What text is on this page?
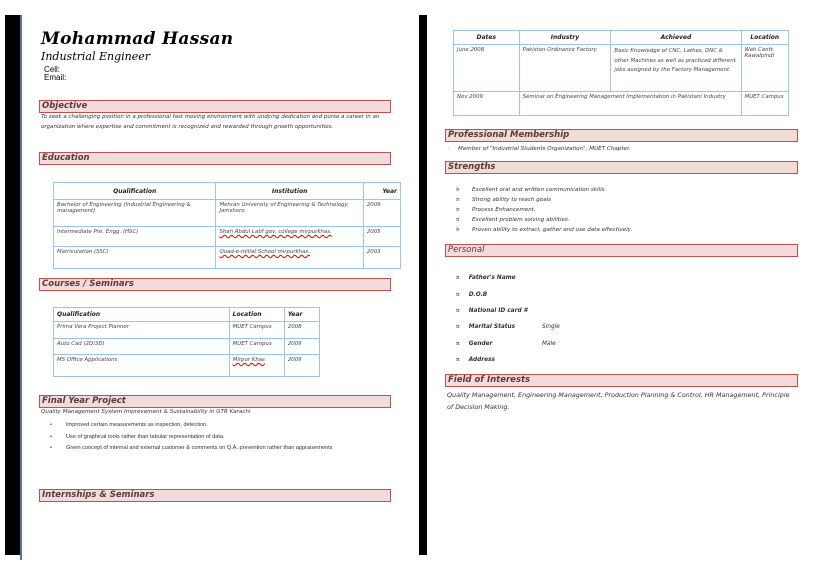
Mohammad Hassan
Industrial Engineer
Cell:
Email:
Objective
To seek a challenging position in a professional fast moving environment with undying dedication and purse a career in an organization where expertise and commitment is recognized and rewarded through growth opportunities.
Education
Qualification	Institution	Year
Bachelor of Engineering (Industrial Engineering & management)	Mehran University of Engineering & Technology, Jamshoro	2009
Intermediate Pre. Engg. (HSC)	Shah Abdul Latif gov. college mirpurkhas.	2005
Matriculation (SSC)	Quad-e-millat School mirpurkhas.	2003
Courses / Seminars
Qualification	Location	Year
Prima Vera Project Planner	MUET Campus	2008
Auto Cad (2D/3D)	MUET Campus	2009
MS Office Applications	Mirpur Khas	2009
Final Year Project
Quality Management System Improvement & Sustainability in GTR Karachi
•	Improved certain measurements as inspection, detection.
•	Use of graphical tools rather than tabular representation of data.
•	Given concept of internal and external customer & comments on Q.A. prevention rather than appraisements
Internships & Seminars
Dates	Industry	Achieved	Location
June 2008	Pakistan Ordinance Factory	Basic Knowledge of CNC, Lathes, DNC & other Machines as well as practiced different jobs assigned by the Factory Management.	Wah Cantt. Rawalpindi
Nov 2009	Seminar on Engineering Management Implementation in Pakistani Industry		MUET Campus
Professional Membership
· Member of "Industrial Students Organization", MUET Chapter.
Strengths
¤ Excellent oral and written communication skills.
¤ Strong ability to reach goals
¤ Process Enhancement.
¤ Excellent problem solving abilities.
¤ Proven ability to extract, gather and use data effectively.
Personal
¤ Father's Name
¤ D.O.B
¤ National ID card #
¤ Marital Status	Single
¤ Gender	Male
¤ Address
Field of Interests
Quality Management, Engineering Management, Production Planning & Control, HR Management, Principle of Decision Making.
